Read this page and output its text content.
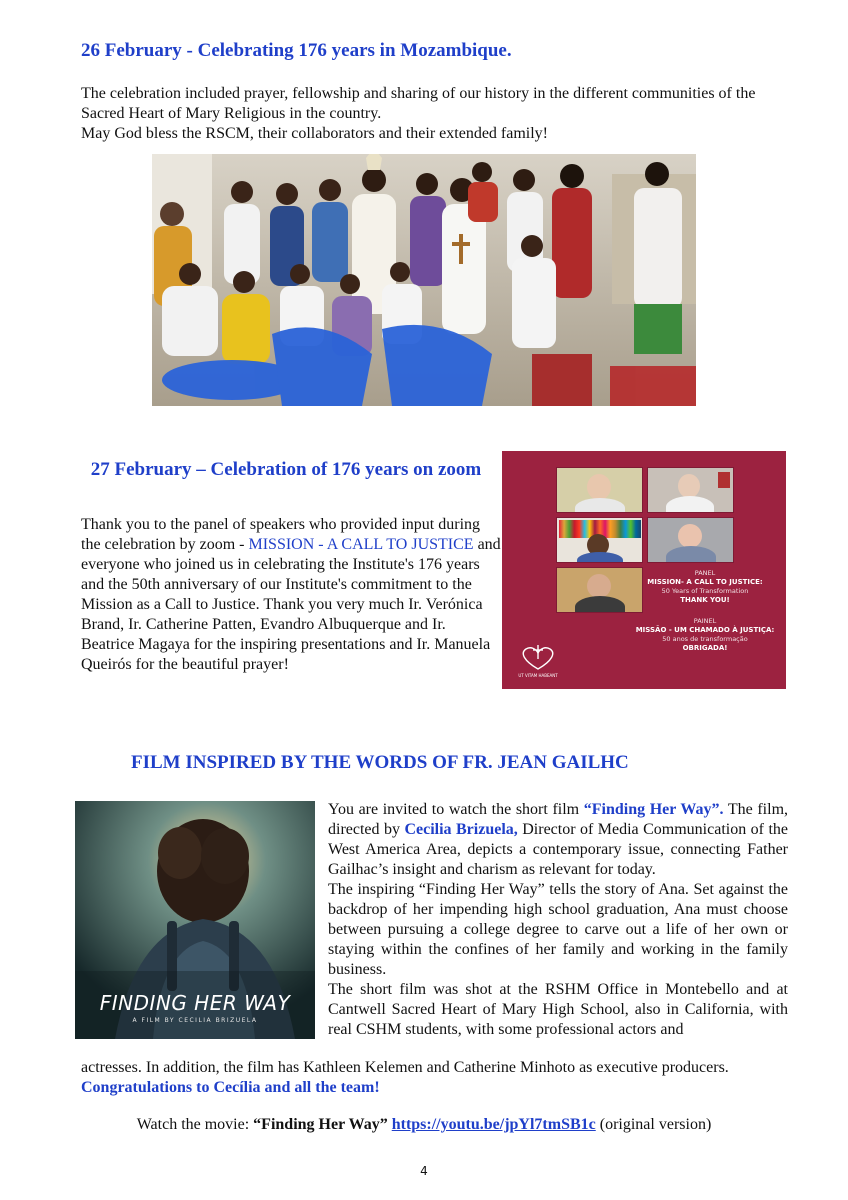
26 February - Celebrating 176 years in Mozambique.
The celebration included prayer, fellowship and sharing of our history in the different communities of the Sacred Heart of Mary Religious in the country.
May God bless the RSCM, their collaborators and their extended family!
27 February – Celebration of 176 years on zoom
Thank you to the panel of speakers who provided input during the celebration by zoom - MISSION - A CALL TO JUSTICE and everyone who joined us in celebrating the Institute's 176 years and the 50th anniversary of our Institute's commitment to the Mission as a Call to Justice. Thank you very much Ir. Verónica Brand, Ir. Catherine Patten, Evandro Albuquerque and Ir. Beatrice Magaya for the inspiring presentations and Ir. Manuela Queirós for the beautiful prayer!
PANEL
MISSION- A CALL TO JUSTICE:
50 Years of Transformation
THANK YOU!
PAINEL
MISSÃO - UM CHAMADO À JUSTIÇA:
50 anos de transformação
OBRIGADA!
UT VITAM HABEANT
FILM INSPIRED BY THE WORDS OF FR. JEAN GAILHC
FINDING HER WAY
A FILM BY CECILIA BRIZUELA
You are invited to watch the short film “Finding Her Way”. The film, directed by Cecilia Brizuela, Director of Media Communication of the West America Area, depicts a contemporary issue, connecting Father Gailhac’s insight and charism as relevant for today.
The inspiring “Finding Her Way” tells the story of Ana. Set against the backdrop of her impending high school graduation, Ana must choose between pursuing a college degree to carve out a life of her own or staying within the confines of her family and working in the family business.
The short film was shot at the RSHM Office in Montebello and at Cantwell Sacred Heart of Mary High School, also in California, with real CSHM students, with some professional actors and
actresses. In addition, the film has Kathleen Kelemen and Catherine Minhoto as executive producers.
Congratulations to Cecília and all the team!
Watch the movie: “Finding Her Way” https://youtu.be/jpYl7tmSB1c (original version)
4
